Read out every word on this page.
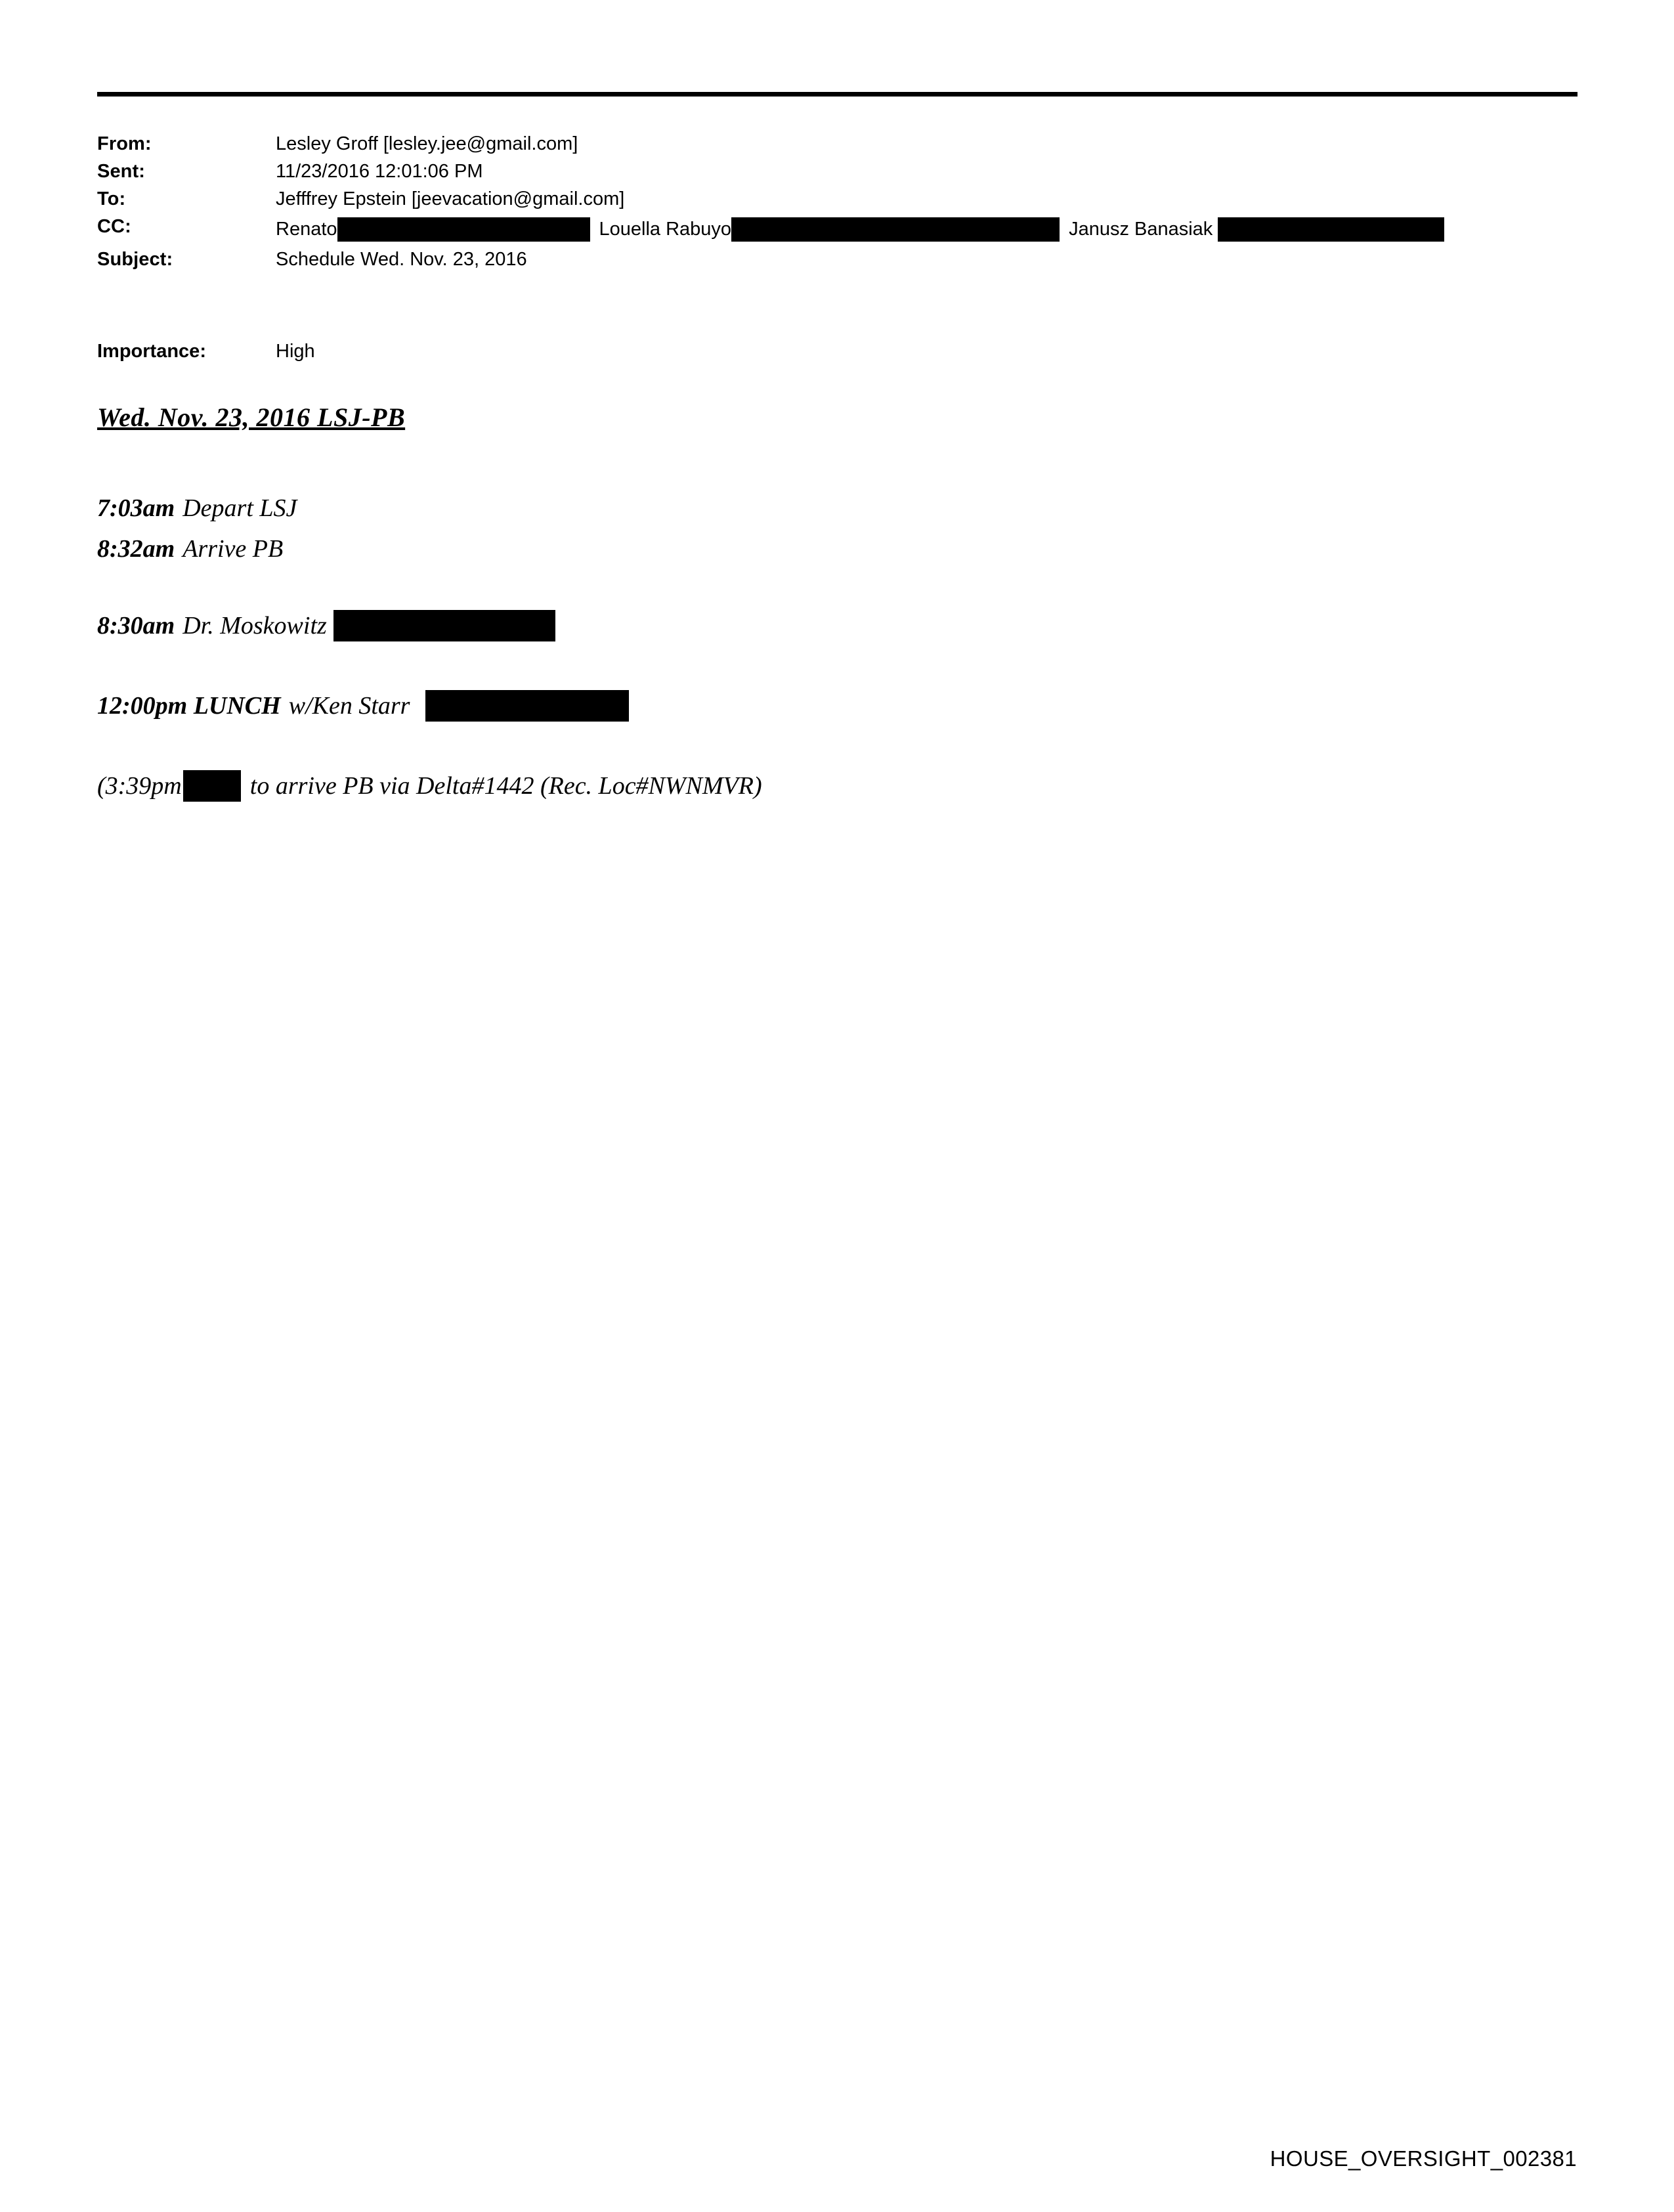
From:	Lesley Groff [lesley.jee@gmail.com]
Sent:	11/23/2016 12:01:06 PM
To:	Jefffrey Epstein [jeevacation@gmail.com]
CC:	Renato	Louella Rabuyo	Janusz Banasiak
Subject:	Schedule Wed. Nov. 23, 2016
Importance:	High
Wed. Nov. 23, 2016 LSJ-PB
7:03am Depart LSJ
8:32am Arrive PB
8:30am Dr. Moskowitz
12:00pm LUNCH w/Ken Starr
(3:39pm	to arrive PB via Delta#1442 (Rec. Loc#NWNMVR)
HOUSE_OVERSIGHT_002381
